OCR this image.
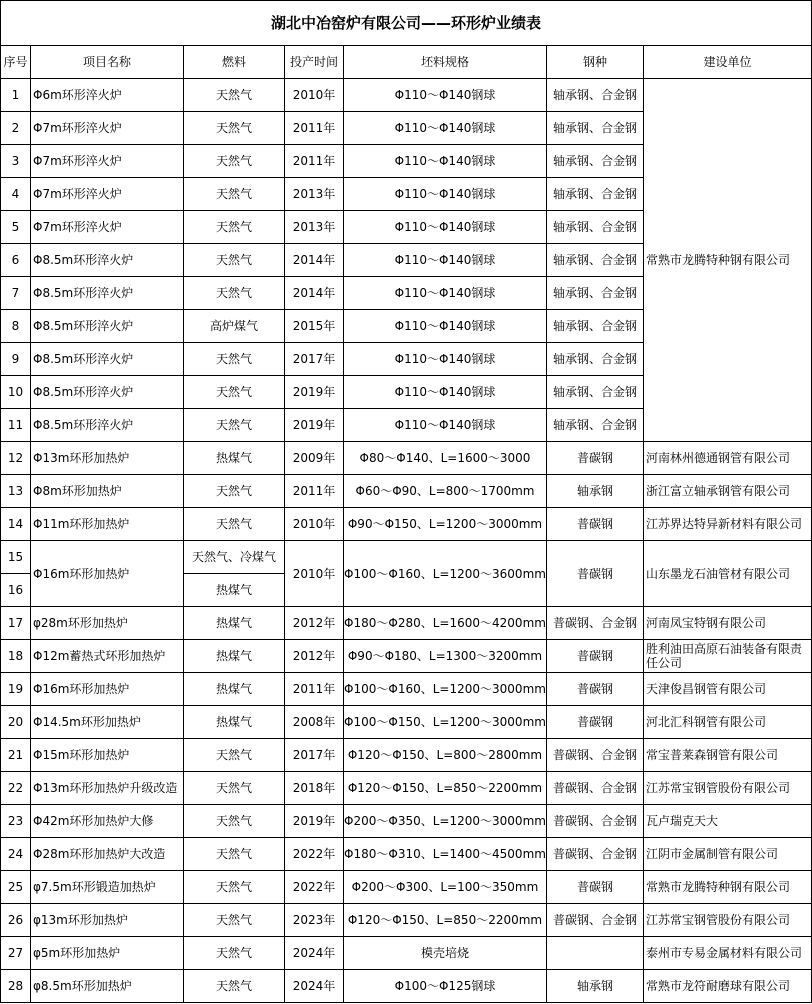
湖北中冶窑炉有限公司——环形炉业绩表						
序号	项目名称	燃料	投产时间	坯料规格	钢种	建设单位
1	Φ6m环形淬火炉	天然气	2010年	Φ110～Φ140钢球	轴承钢、合金钢	常熟市龙腾特种钢有限公司
2	Φ7m环形淬火炉	天然气	2011年	Φ110～Φ140钢球	轴承钢、合金钢	
3	Φ7m环形淬火炉	天然气	2011年	Φ110～Φ140钢球	轴承钢、合金钢	
4	Φ7m环形淬火炉	天然气	2013年	Φ110～Φ140钢球	轴承钢、合金钢	
5	Φ7m环形淬火炉	天然气	2013年	Φ110～Φ140钢球	轴承钢、合金钢	
6	Φ8.5m环形淬火炉	天然气	2014年	Φ110～Φ140钢球	轴承钢、合金钢	
7	Φ8.5m环形淬火炉	天然气	2014年	Φ110～Φ140钢球	轴承钢、合金钢	
8	Φ8.5m环形淬火炉	高炉煤气	2015年	Φ110～Φ140钢球	轴承钢、合金钢	
9	Φ8.5m环形淬火炉	天然气	2017年	Φ110～Φ140钢球	轴承钢、合金钢	
10	Φ8.5m环形淬火炉	天然气	2019年	Φ110～Φ140钢球	轴承钢、合金钢	
11	Φ8.5m环形淬火炉	天然气	2019年	Φ110～Φ140钢球	轴承钢、合金钢	
12	Φ13m环形加热炉	热煤气	2009年	Φ80～Φ140、L=1600～3000	普碳钢	河南林州德通钢管有限公司
13	Φ8m环形加热炉	天然气	2011年	Φ60～Φ90、L=800～1700mm	轴承钢	浙江富立轴承钢管有限公司
14	Φ11m环形加热炉	天然气	2010年	Φ90～Φ150、L=1200～3000mm	普碳钢	江苏界达特异新材料有限公司
15	Φ16m环形加热炉	天然气、冷煤气	2010年	Φ100～Φ160、L=1200～3600mm	普碳钢	山东墨龙石油管材有限公司
16		热煤气				
17	φ28m环形加热炉	热煤气	2012年	Φ180～Φ280、L=1600～4200mm	普碳钢、合金钢	河南凤宝特钢有限公司
18	Φ12m蓄热式环形加热炉	热煤气	2012年	Φ90～Φ180、L=1300～3200mm	普碳钢	胜利油田高原石油装备有限责任公司
19	Φ16m环形加热炉	热煤气	2011年	Φ100～Φ160、L=1200～3000mm	普碳钢	天津俊昌钢管有限公司
20	Φ14.5m环形加热炉	热煤气	2008年	Φ100～Φ150、L=1200～3000mm	普碳钢	河北汇科钢管有限公司
21	Φ15m环形加热炉	天然气	2017年	Φ120～Φ150、L=800～2800mm	普碳钢、合金钢	常宝普莱森钢管有限公司
22	Φ13m环形加热炉升级改造	天然气	2018年	Φ120～Φ150、L=850～2200mm	普碳钢、合金钢	江苏常宝钢管股份有限公司
23	Φ42m环形加热炉大修	天然气	2019年	Φ200～Φ350、L=1200～3000mm	普碳钢、合金钢	瓦卢瑞克天大
24	Φ28m环形加热炉大改造	天然气	2022年	Φ180～Φ310、L=1400～4500mm	普碳钢、合金钢	江阴市金属制管有限公司
25	φ7.5m环形锻造加热炉	天然气	2022年	Φ200～Φ300、L=100～350mm	普碳钢	常熟市龙腾特种钢有限公司
26	φ13m环形加热炉	天然气	2023年	Φ120～Φ150、L=850～2200mm	普碳钢、合金钢	江苏常宝钢管股份有限公司
27	φ5m环形加热炉	天然气	2024年	模壳培烧		泰州市专易金属材料有限公司
28	φ8.5m环形加热炉	天然气	2024年	Φ100～Φ125钢球	轴承钢	常熟市龙符耐磨球有限公司
